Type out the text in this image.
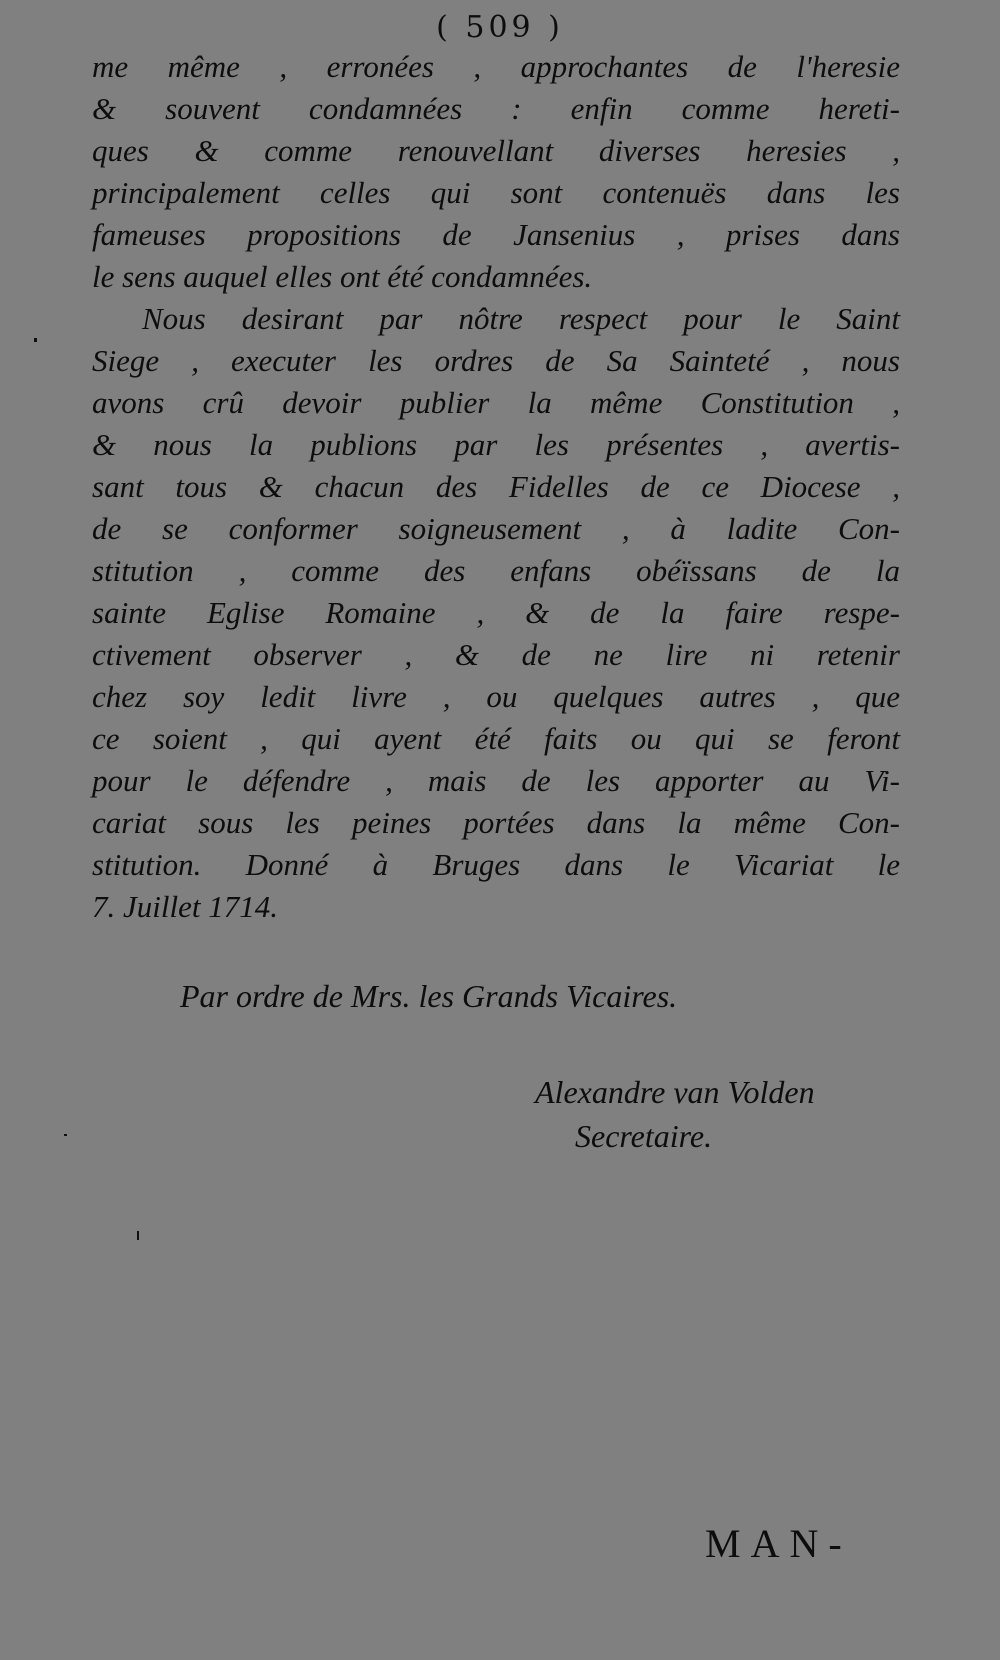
( 509 )
me même , erronées , approchantes de l'heresie
& souvent condamnées : enfin comme hereti-
ques & comme renouvellant diverses heresies ,
principalement celles qui sont contenuës dans les
fameuses propositions de Jansenius , prises dans
le sens auquel elles ont été condamnées.
Nous desirant par nôtre respect pour le Saint
Siege , executer les ordres de Sa Sainteté , nous
avons crû devoir publier la même Constitution ,
& nous la publions par les présentes , avertis-
sant tous & chacun des Fidelles de ce Diocese ,
de se conformer soigneusement , à ladite Con-
stitution , comme des enfans obéïssans de la
sainte Eglise Romaine , & de la faire respe-
ctivement observer , & de ne lire ni retenir
chez soy ledit livre , ou quelques autres , que
ce soient , qui ayent été faits ou qui se feront
pour le défendre , mais de les apporter au Vi-
cariat sous les peines portées dans la même Con-
stitution. Donné à Bruges dans le Vicariat le
7. Juillet 1714.
Par ordre de Mrs. les Grands Vicaires.
Alexandre van Volden
Secretaire.
MAN-
